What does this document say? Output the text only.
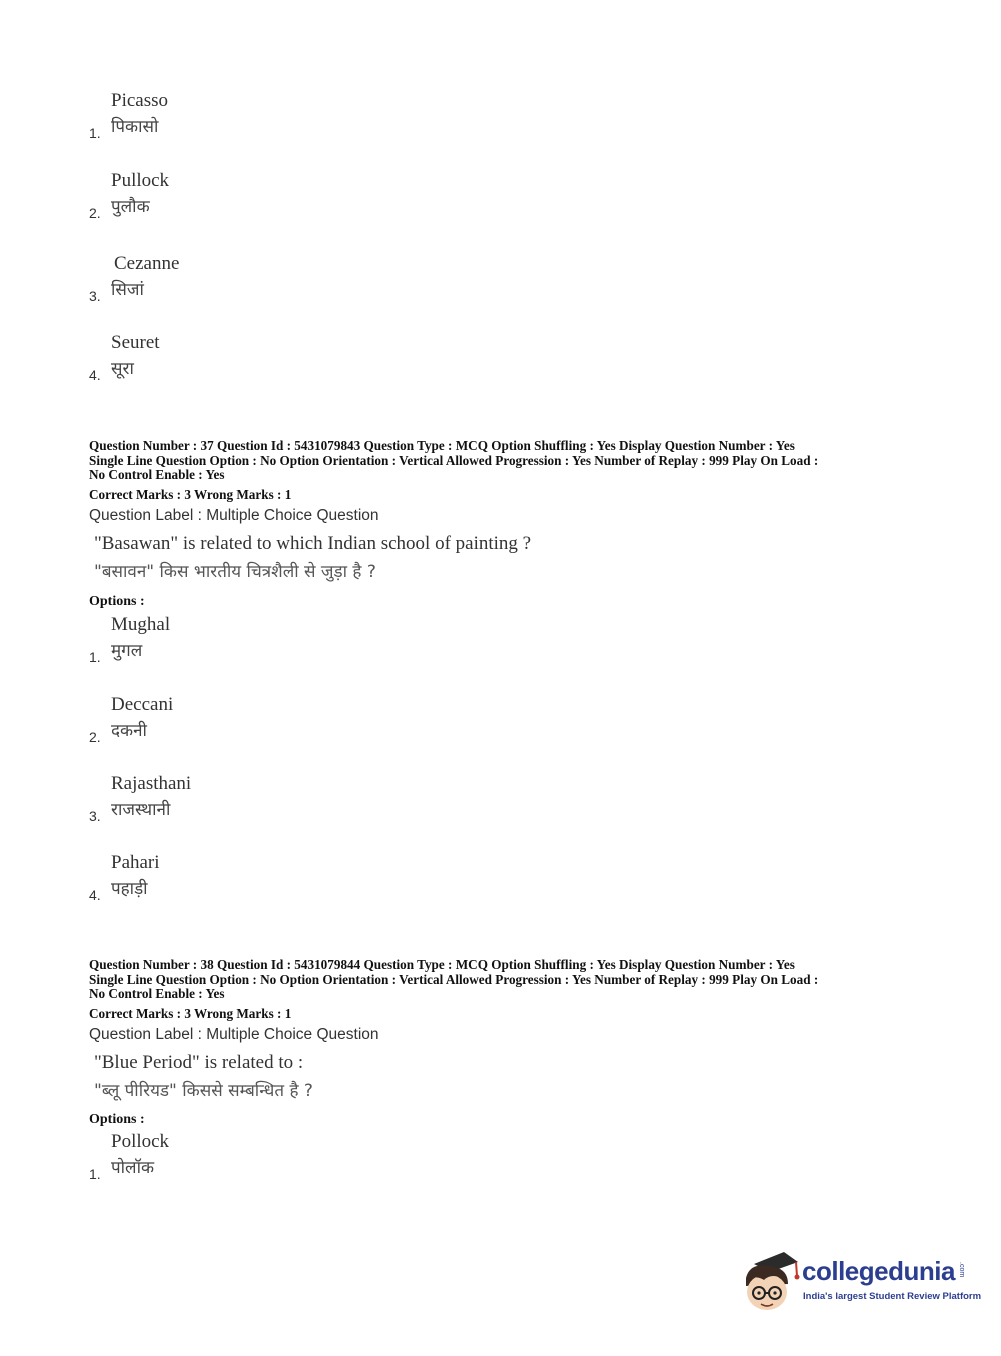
Picasso
1. पिकासो
Pullock
2. पुलौक
Cezanne
3. सिजां
Seuret
4. सूरा

Question Number : 37 Question Id : 5431079843 Question Type : MCQ Option Shuffling : Yes Display Question Number : Yes

Single Line Question Option : No Option Orientation : Vertical Allowed Progression : Yes Number of Replay : 999 Play On Load :

No Control Enable : Yes

Correct Marks : 3 Wrong Marks : 1
Question Label : Multiple Choice Question
"Basawan" is related to which Indian school of painting ?
"बसावन" किस भारतीय चित्रशैली से जुड़ा है ?
Options :
Mughal
1. मुगल
Deccani
2. दकनी
Rajasthani
3. राजस्थानी
Pahari
4. पहाड़ी

Question Number : 38 Question Id : 5431079844 Question Type : MCQ Option Shuffling : Yes Display Question Number : Yes

Single Line Question Option : No Option Orientation : Vertical Allowed Progression : Yes Number of Replay : 999 Play On Load :

No Control Enable : Yes

Correct Marks : 3 Wrong Marks : 1
Question Label : Multiple Choice Question
"Blue Period" is related to :
"ब्लू पीरियड" किससे सम्बन्धित है ?
Options :
Pollock
1. पोलॉक
collegedunia .com
India's largest Student Review Platform
